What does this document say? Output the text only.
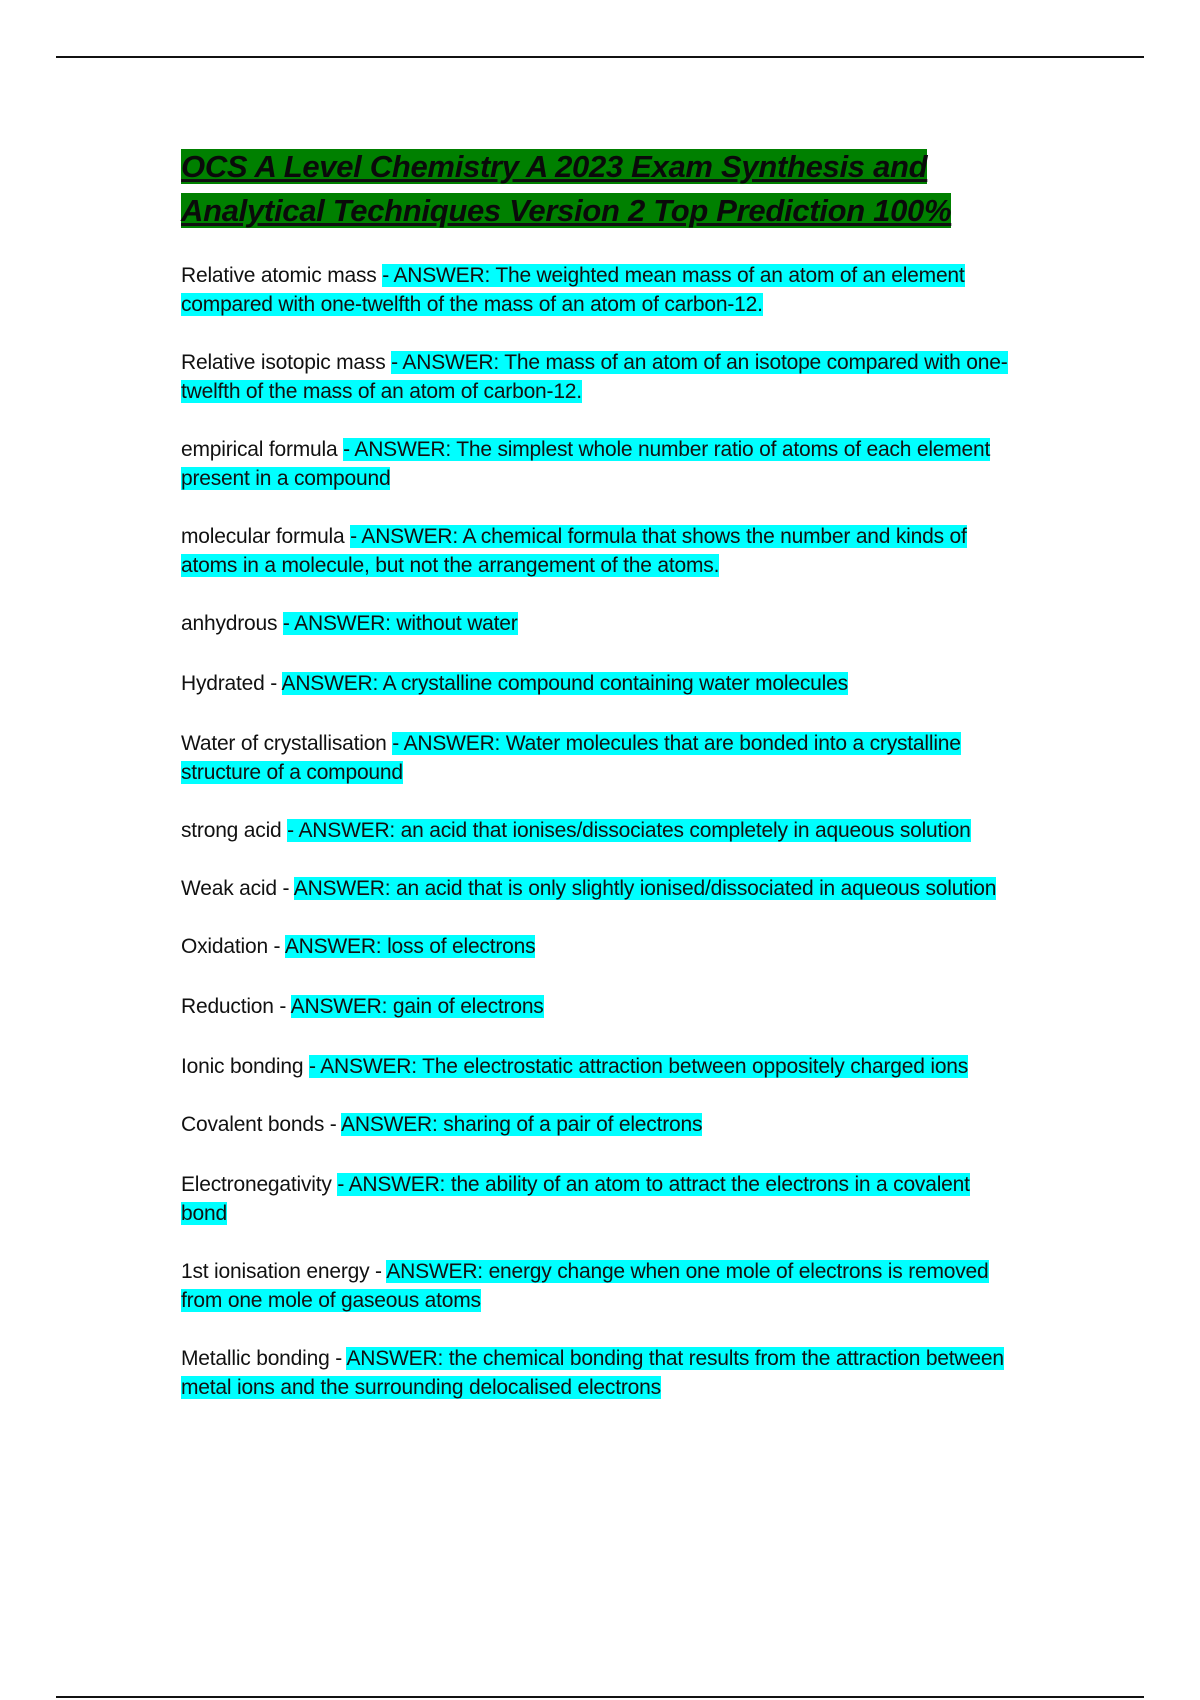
OCS A Level Chemistry A 2023 Exam Synthesis and Analytical Techniques Version 2 Top Prediction 100%
Relative atomic mass - ANSWER: The weighted mean mass of an atom of an element compared with one-twelfth of the mass of an atom of carbon-12.
Relative isotopic mass - ANSWER: The mass of an atom of an isotope compared with one-twelfth of the mass of an atom of carbon-12.
empirical formula - ANSWER: The simplest whole number ratio of atoms of each element present in a compound
molecular formula - ANSWER: A chemical formula that shows the number and kinds of atoms in a molecule, but not the arrangement of the atoms.
anhydrous - ANSWER: without water
Hydrated - ANSWER: A crystalline compound containing water molecules
Water of crystallisation - ANSWER: Water molecules that are bonded into a crystalline structure of a compound
strong acid - ANSWER: an acid that ionises/dissociates completely in aqueous solution
Weak acid - ANSWER: an acid that is only slightly ionised/dissociated in aqueous solution
Oxidation - ANSWER: loss of electrons
Reduction - ANSWER: gain of electrons
Ionic bonding - ANSWER: The electrostatic attraction between oppositely charged ions
Covalent bonds - ANSWER: sharing of a pair of electrons
Electronegativity - ANSWER: the ability of an atom to attract the electrons in a covalent bond
1st ionisation energy - ANSWER: energy change when one mole of electrons is removed from one mole of gaseous atoms
Metallic bonding - ANSWER: the chemical bonding that results from the attraction between metal ions and the surrounding delocalised electrons
